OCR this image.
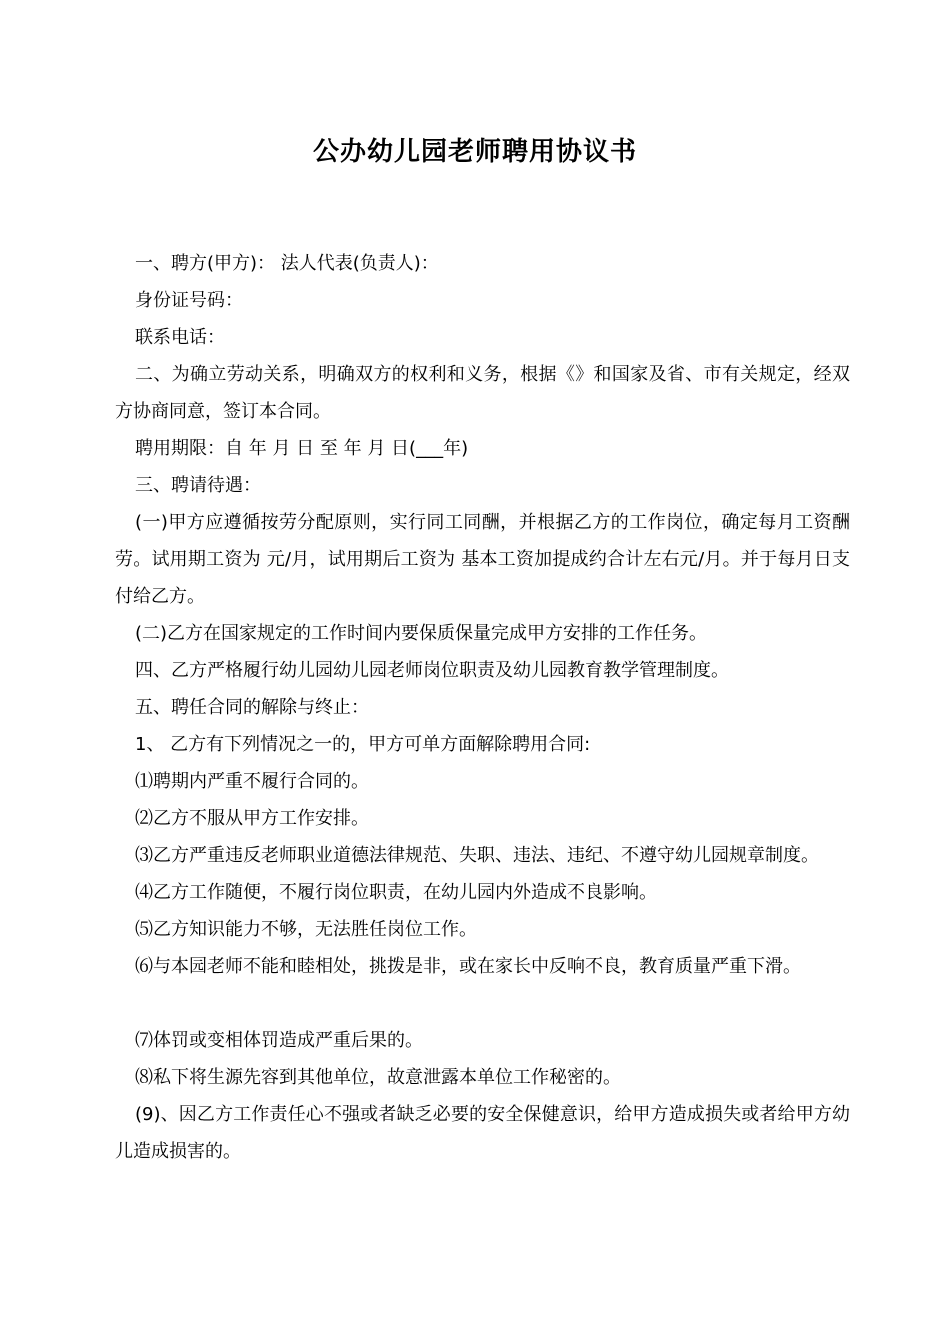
公办幼儿园老师聘用协议书

一、聘方(甲方)： 法人代表(负责人)：

身份证号码：

联系电话：

二、为确立劳动关系，明确双方的权利和义务，根据《》和国家及省、市有关规定，经双方协商同意，签订本合同。

聘用期限：自 年 月 日 至 年 月 日(___年)

三、聘请待遇：

(一)甲方应遵循按劳分配原则，实行同工同酬，并根据乙方的工作岗位，确定每月工资酬劳。试用期工资为 元/月，试用期后工资为 基本工资加提成约合计左右元/月。并于每月日支付给乙方。

(二)乙方在国家规定的工作时间内要保质保量完成甲方安排的工作任务。

四、乙方严格履行幼儿园幼儿园老师岗位职责及幼儿园教育教学管理制度。

五、聘任合同的解除与终止：

1、 乙方有下列情况之一的，甲方可单方面解除聘用合同:

⑴聘期内严重不履行合同的。

⑵乙方不服从甲方工作安排。

⑶乙方严重违反老师职业道德法律规范、失职、违法、违纪、不遵守幼儿园规章制度。

⑷乙方工作随便，不履行岗位职责，在幼儿园内外造成不良影响。

⑸乙方知识能力不够，无法胜任岗位工作。

⑹与本园老师不能和睦相处，挑拨是非，或在家长中反响不良，教育质量严重下滑。

⑺体罚或变相体罚造成严重后果的。

⑻私下将生源先容到其他单位，故意泄露本单位工作秘密的。

(9)、因乙方工作责任心不强或者缺乏必要的安全保健意识，给甲方造成损失或者给甲方幼儿造成损害的。
